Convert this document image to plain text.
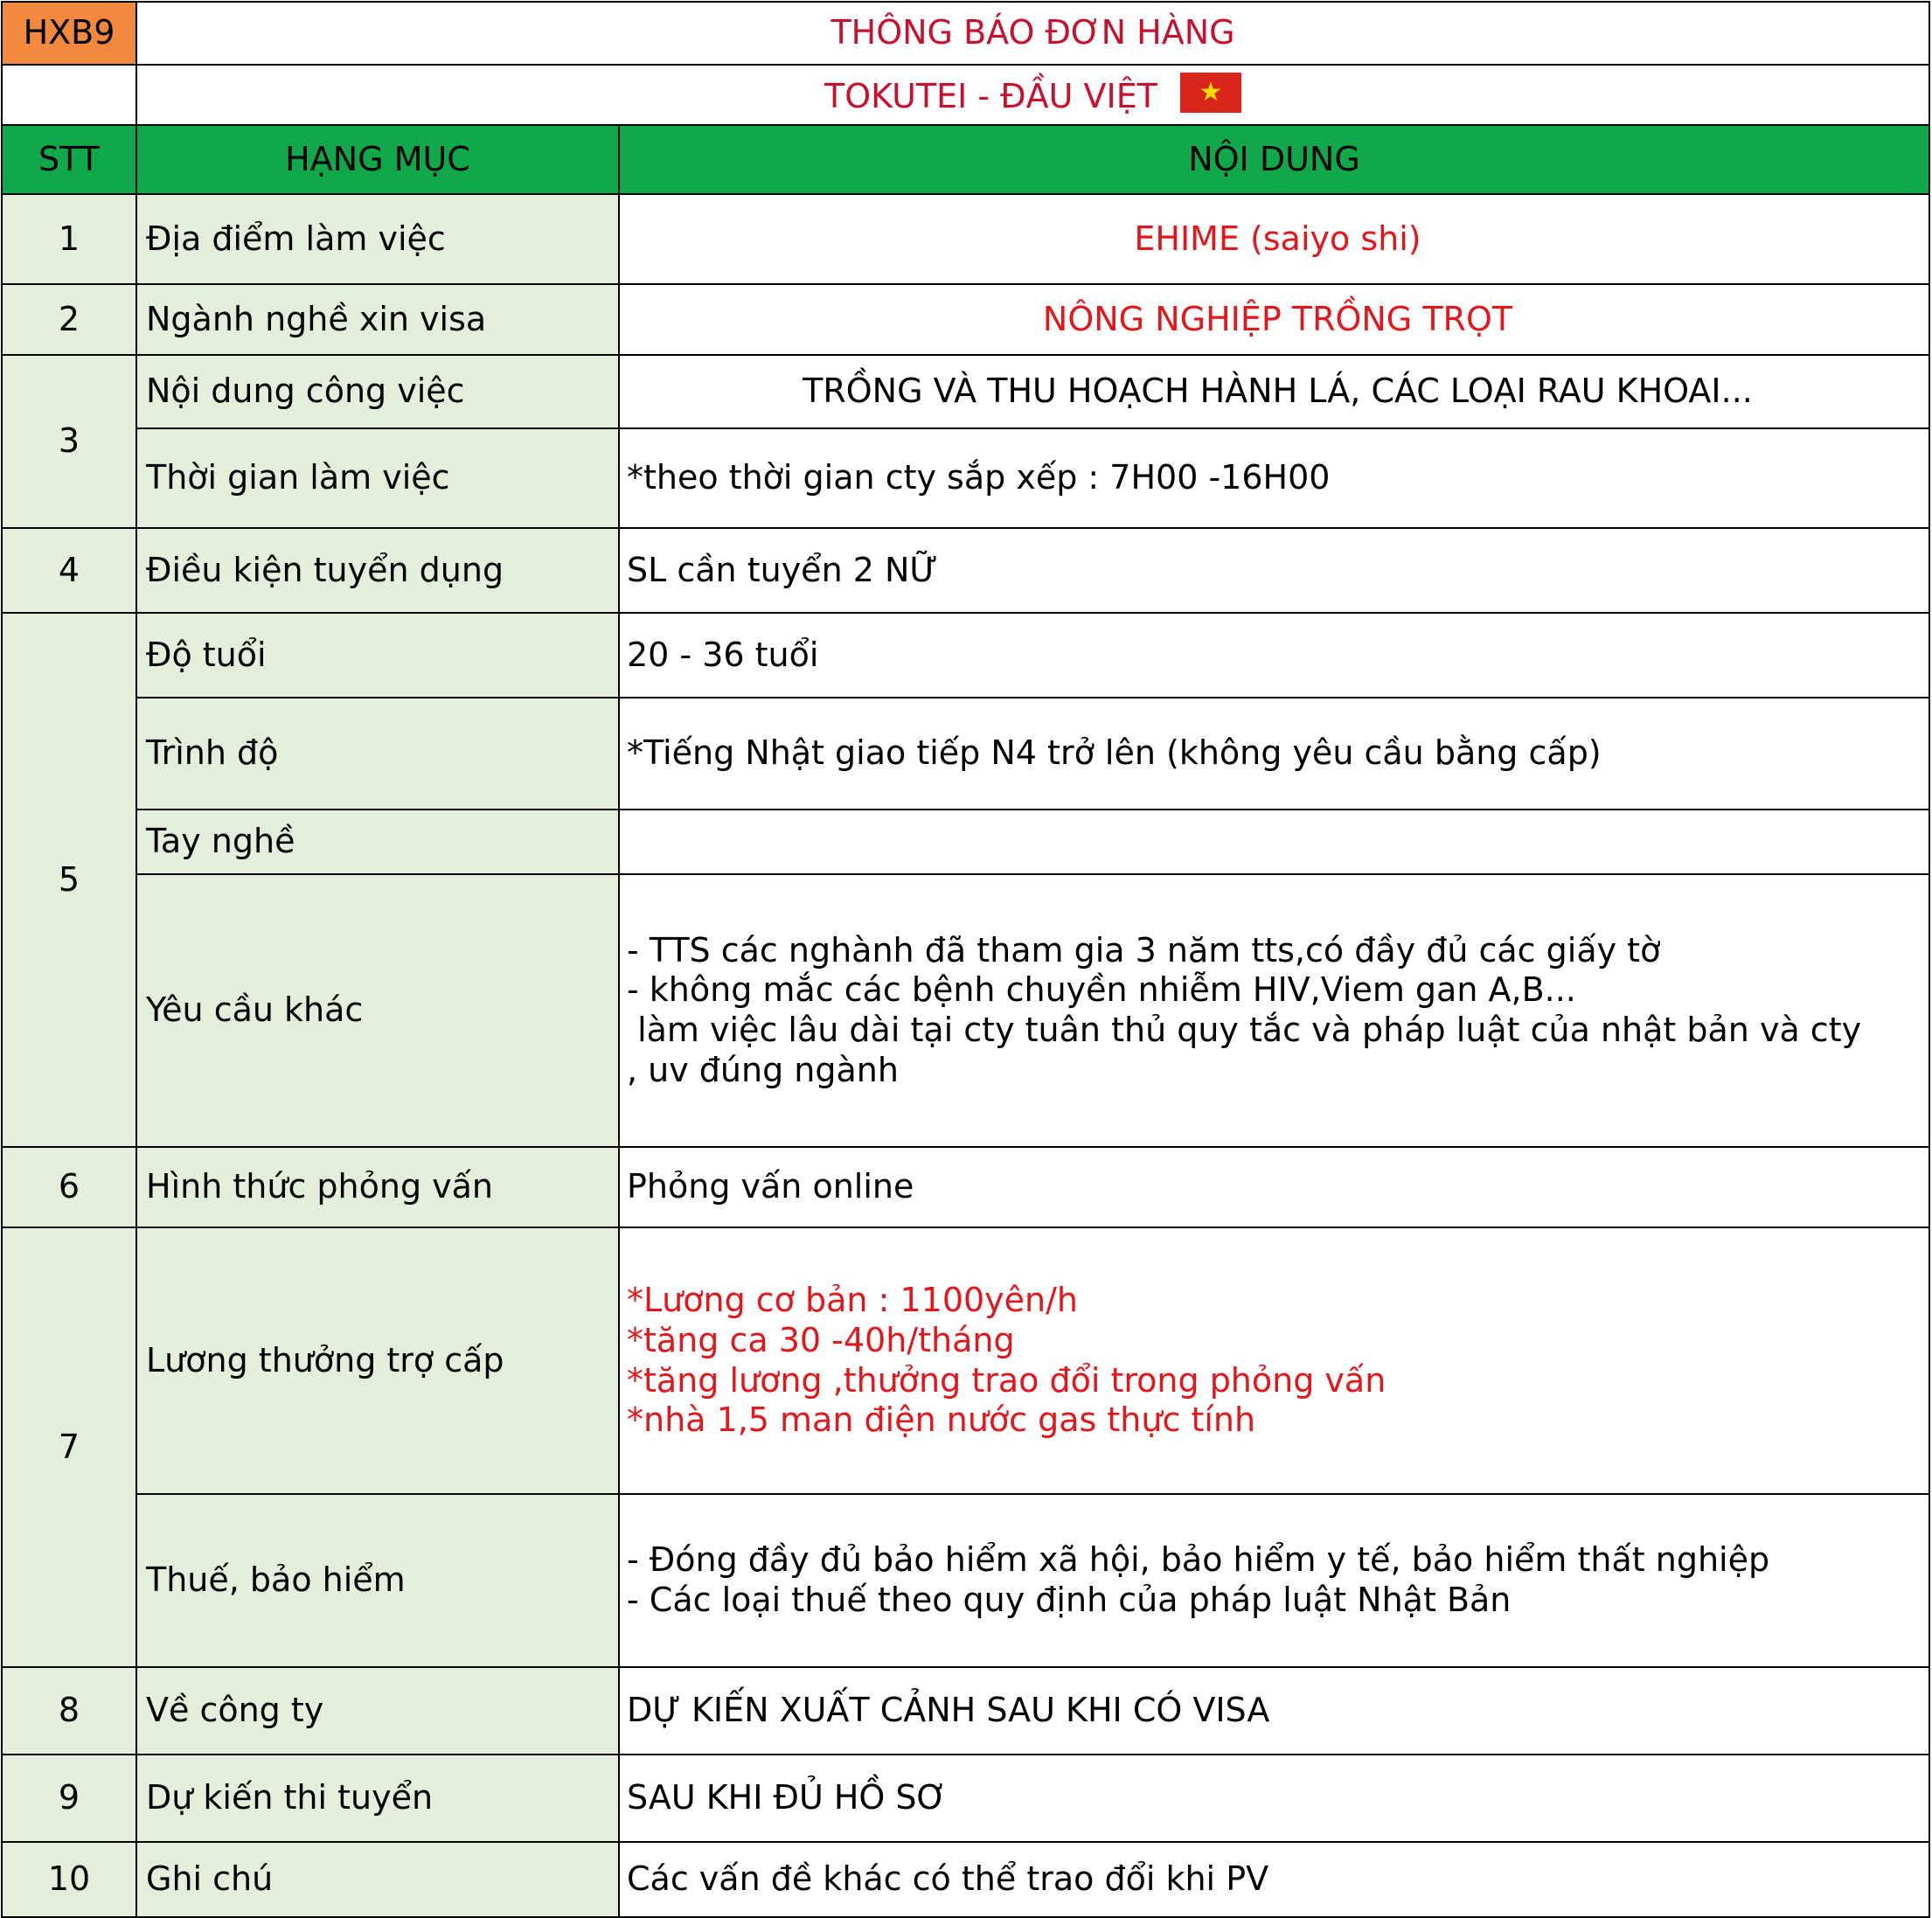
HXB9	THÔNG BÁO ĐƠN HÀNG	
	TOKUTEI - ĐẦU VIỆT ★	

STT	HẠNG MỤC	NỘI DUNG
1	Địa điểm làm việc	EHIME (saiyo shi)
2	Ngành nghề xin visa	NÔNG NGHIỆP TRỒNG TRỌT
3	Nội dung công việc	TRỒNG VÀ THU HOẠCH HÀNH LÁ, CÁC LOẠI RAU KHOAI...
	Thời gian làm việc	*theo thời gian cty sắp xếp : 7H00 -16H00
4	Điều kiện tuyển dụng	SL cần tuyển 2 NỮ
5	Độ tuổi	20 - 36 tuổi
	Trình độ	*Tiếng Nhật giao tiếp N4 trở lên (không yêu cầu bằng cấp)
	Tay nghề	
	Yêu cầu khác	- TTS các nghành đã tham gia 3 năm tts,có đầy đủ các giấy tờ
- không mắc các bệnh chuyền nhiễm HIV,Viem gan A,B...
làm việc lâu dài tại cty tuân thủ quy tắc và pháp luật của nhật bản và cty
, uv đúng ngành

6	Hình thức phỏng vấn	Phỏng vấn online
7	Lương thưởng trợ cấp	*Lương cơ bản : 1100yên/h
*tăng ca 30 -40h/tháng
*tăng lương ,thưởng trao đổi trong phỏng vấn
*nhà 1,5 man điện nước gas thực tính

	Thuế, bảo hiểm	- Đóng đầy đủ bảo hiểm xã hội, bảo hiểm y tế, bảo hiểm thất nghiệp
- Các loại thuế theo quy định của pháp luật Nhật Bản

8	Về công ty	DỰ KIẾN XUẤT CẢNH SAU KHI CÓ VISA
9	Dự kiến thi tuyển	SAU KHI ĐỦ HỒ SƠ
10	Ghi chú	Các vấn đề khác có thể trao đổi khi PV
